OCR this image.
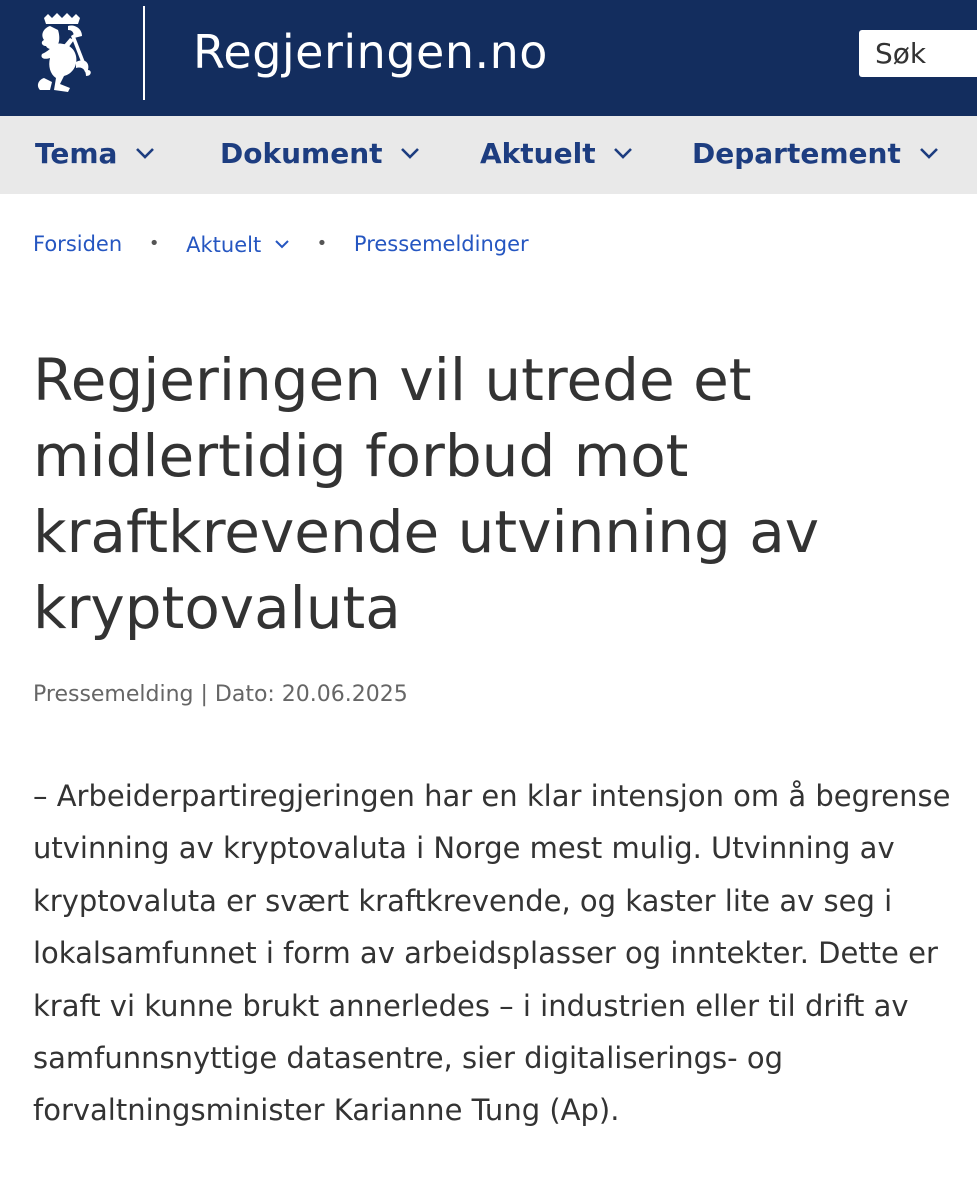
Regjeringen.no	Søk
Tema	Dokument	Aktuelt	Departement
Forsiden • Aktuelt	• Pressemeldinger
Regjeringen vil utrede et midlertidig forbud mot kraftkrevende utvinning av kryptovaluta
Pressemelding | Dato: 20.06.2025

– Arbeiderpartiregjeringen har en klar intensjon om å begrense utvinning av kryptovaluta i Norge mest mulig. Utvinning av kryptovaluta er svært kraftkrevende, og kaster lite av seg i lokalsamfunnet i form av arbeidsplasser og inntekter. Dette er kraft vi kunne brukt annerledes – i industrien eller til drift av samfunnsnyttige datasentre, sier digitaliserings- og forvaltningsminister Karianne Tung (Ap).
